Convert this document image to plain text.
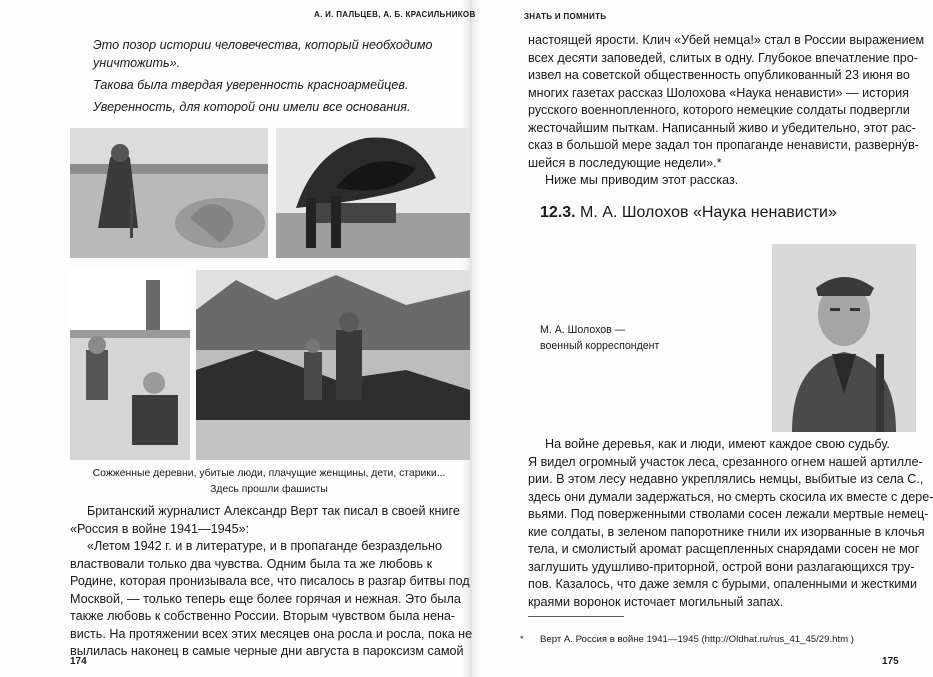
А. И. ПАЛЬЦЕВ, А. Б. КРАСИЛЬНИКОВ
Это позор истории человечества, который необходимо
уничтожить».
Такова была твердая уверенность красноармейцев.
Уверенность, для которой они имели все основания.
Сожженные деревни, убитые люди, плачущие женщины, дети, старики...
Здесь прошли фашисты
Британский журналист Александр Верт так писал в своей книге
«Россия в войне 1941—1945»:
«Летом 1942 г. и в литературе, и в пропаганде безраздельно
властвовали только два чувства. Одним была та же любовь к
Родине, которая пронизывала все, что писалось в разгар битвы под
Москвой, — только теперь еще более горячая и нежная. Это была
также любовь к собственно России. Вторым чувством была нена-
висть. На протяжении всех этих месяцев она росла и росла, пока не
вылилась наконец в самые черные дни августа в пароксизм самой
174
ЗНАТЬ И ПОМНИТЬ
настоящей ярости. Клич «Убей немца!» стал в России выражением
всех десяти заповедей, слитых в одну. Глубокое впечатление про-
извел на советской общественность опубликованный 23 июня во
многих газетах рассказ Шолохова «Наука ненависти» — история
русского военнопленного, которого немецкие солдаты подвергли
жесточайшим пыткам. Написанный живо и убедительно, этот рас-
сказ в большой мере задал тон пропаганде ненависти, разверну́в-
шейся в последующие недели».*
Ниже мы приводим этот рассказ.
12.3. М. А. Шолохов «Наука ненависти»
М. А. Шолохов —
военный корреспондент
На войне деревья, как и люди, имеют каждое свою судьбу.
Я видел огромный участок леса, срезанного огнем нашей артилле-
рии. В этом лесу недавно укреплялись немцы, выбитые из села С.,
здесь они думали задержаться, но смерть скосила их вместе с дере-
вьями. Под поверженными стволами сосен лежали мертвые немец-
кие солдаты, в зеленом папоротнике гнили их изорванные в клочья
тела, и смолистый аромат расщепленных снарядами сосен не мог
заглушить удушливо-приторной, острой вони разлагающихся тру-
пов. Казалось, что даже земля с бурыми, опаленными и жесткими
краями воронок источает могильный запах.
* Верт А. Россия в войне 1941—1945 (http://Oldhat.ru/rus_41_45/29.htm )
175
